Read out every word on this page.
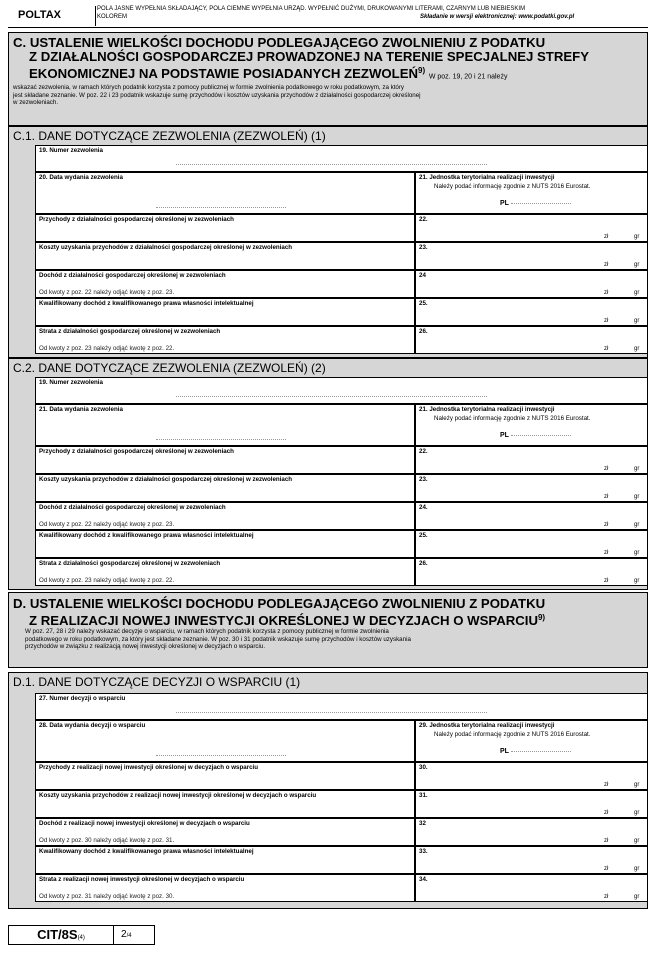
POLTAX	POLA JASNE WYPEŁNIA SKŁADAJĄCY, POLA CIEMNE WYPEŁNIA URZĄD. WYPEŁNIĆ DUŻYMI, DRUKOWANYMI LITERAMI, CZARNYM LUB NIEBIESKIM
KOLOREM	Składanie w wersji elektronicznej: www.podatki.gov.pl
C. USTALENIE WIELKOŚCI DOCHODU PODLEGAJĄCEGO ZWOLNIENIU Z PODATKU
Z DZIAŁALNOŚCI GOSPODARCZEJ PROWADZONEJ NA TERENIE SPECJALNEJ STREFY
EKONOMICZNEJ NA PODSTAWIE POSIADANYCH ZEZWOLEŃ$^{9)}$ W poz. 19, 20 i 21 należy
wskazać zezwolenia, w ramach których podatnik korzysta z pomocy publicznej w formie zwolnienia podatkowego w roku podatkowym, za który
jest składane zeznanie. W poz. 22 i 23 podatnik wskazuje sumę przychodów i kosztów uzyskania przychodów z działalności gospodarczej określonej
w zezwoleniach.
C.1. DANE DOTYCZĄCE ZEZWOLENIA (ZEZWOLEŃ) (1)
19. Numer zezwolenia
20. Data wydania zezwolenia	21. Jednostka terytorialna realizacji inwestycji
Należy podać informację zgodnie z NUTS 2016 Eurostat.
PL
Przychody z działalności gospodarczej określonej w zezwoleniach	22.
zł	gr
Koszty uzyskania przychodów z działalności gospodarczej określonej w zezwoleniach	23.
zł	gr
Dochód z działalności gospodarczej określonej w zezwoleniach
Od kwoty z poz. 22 należy odjąć kwotę z poz. 23.
24
zł	gr
Kwalifikowany dochód z kwalifikowanego prawa własności intelektualnej	25.
zł	gr
Strata z działalności gospodarczej określonej w zezwoleniach
Od kwoty z poz. 23 należy odjąć kwotę z poz. 22.
26.
zł	gr
C.2. DANE DOTYCZĄCE ZEZWOLENIA (ZEZWOLEŃ) (2)
19. Numer zezwolenia
21. Data wydania zezwolenia	21. Jednostka terytorialna realizacji inwestycji
Należy podać informację zgodnie z NUTS 2016 Eurostat.
PL
Przychody z działalności gospodarczej określonej w zezwoleniach	22.
zł	gr
Koszty uzyskania przychodów z działalności gospodarczej określonej w zezwoleniach	23.
zł	gr
Dochód z działalności gospodarczej określonej w zezwoleniach
Od kwoty z poz. 22 należy odjąć kwotę z poz. 23.
24.
zł	gr
Kwalifikowany dochód z kwalifikowanego prawa własności intelektualnej	25.
zł	gr
Strata z działalności gospodarczej określonej w zezwoleniach
Od kwoty z poz. 23 należy odjąć kwotę z poz. 22.
26.
zł	gr
D. USTALENIE WIELKOŚCI DOCHODU PODLEGAJĄCEGO ZWOLNIENIU Z PODATKU
Z REALIZACJI NOWEJ INWESTYCJI OKREŚLONEJ W DECYZJACH O WSPARCIU$^{9)}$
W poz. 27, 28 i 29 należy wskazać decyzje o wsparciu, w ramach których podatnik korzysta z pomocy publicznej w formie zwolnienia
podatkowego w roku podatkowym, za który jest składane zeznanie. W poz. 30 i 31 podatnik wskazuje sumę przychodów i kosztów uzyskania
przychodów w związku z realizacją nowej inwestycji określonej w decyzjach o wsparciu.
D.1. DANE DOTYCZĄCE DECYZJI O WSPARCIU (1)
27. Numer decyzji o wsparciu
28. Data wydania decyzji o wsparciu	29. Jednostka terytorialna realizacji inwestycji
Należy podać informację zgodnie z NUTS 2016 Eurostat.
PL
Przychody z realizacji nowej inwestycji określonej w decyzjach o wsparciu	30.
zł	gr
Koszty uzyskania przychodów z realizacji nowej inwestycji określonej w decyzjach o wsparciu	31.
zł	gr
Dochód z realizacji nowej inwestycji określonej w decyzjach o wsparciu
Od kwoty z poz. 30 należy odjąć kwotę z poz. 31.
32
zł	gr
Kwalifikowany dochód z kwalifikowanego prawa własności intelektualnej	33.
zł	gr
Strata z realizacji nowej inwestycji określonej w decyzjach o wsparciu
Od kwoty z poz. 31 należy odjąć kwotę z poz. 30.
34.
zł	gr
CIT/8S(4)	2/4
